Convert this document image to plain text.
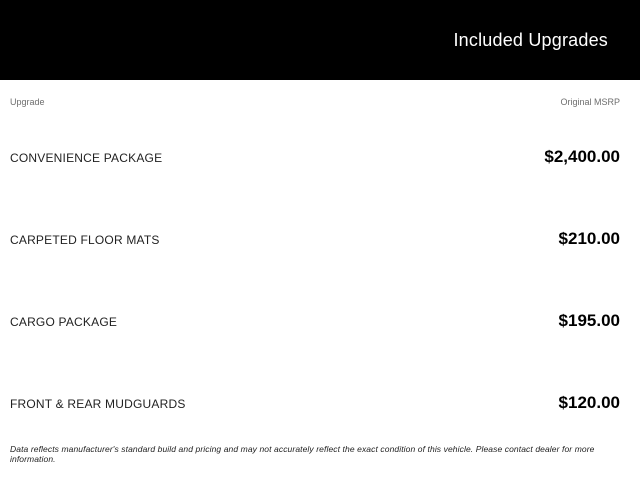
Included Upgrades
Upgrade	Original MSRP
CONVENIENCE PACKAGE	$2,400.00
CARPETED FLOOR MATS	$210.00
CARGO PACKAGE	$195.00
FRONT & REAR MUDGUARDS	$120.00
Data reflects manufacturer's standard build and pricing and may not accurately reflect the exact condition of this vehicle. Please contact dealer for more information.
